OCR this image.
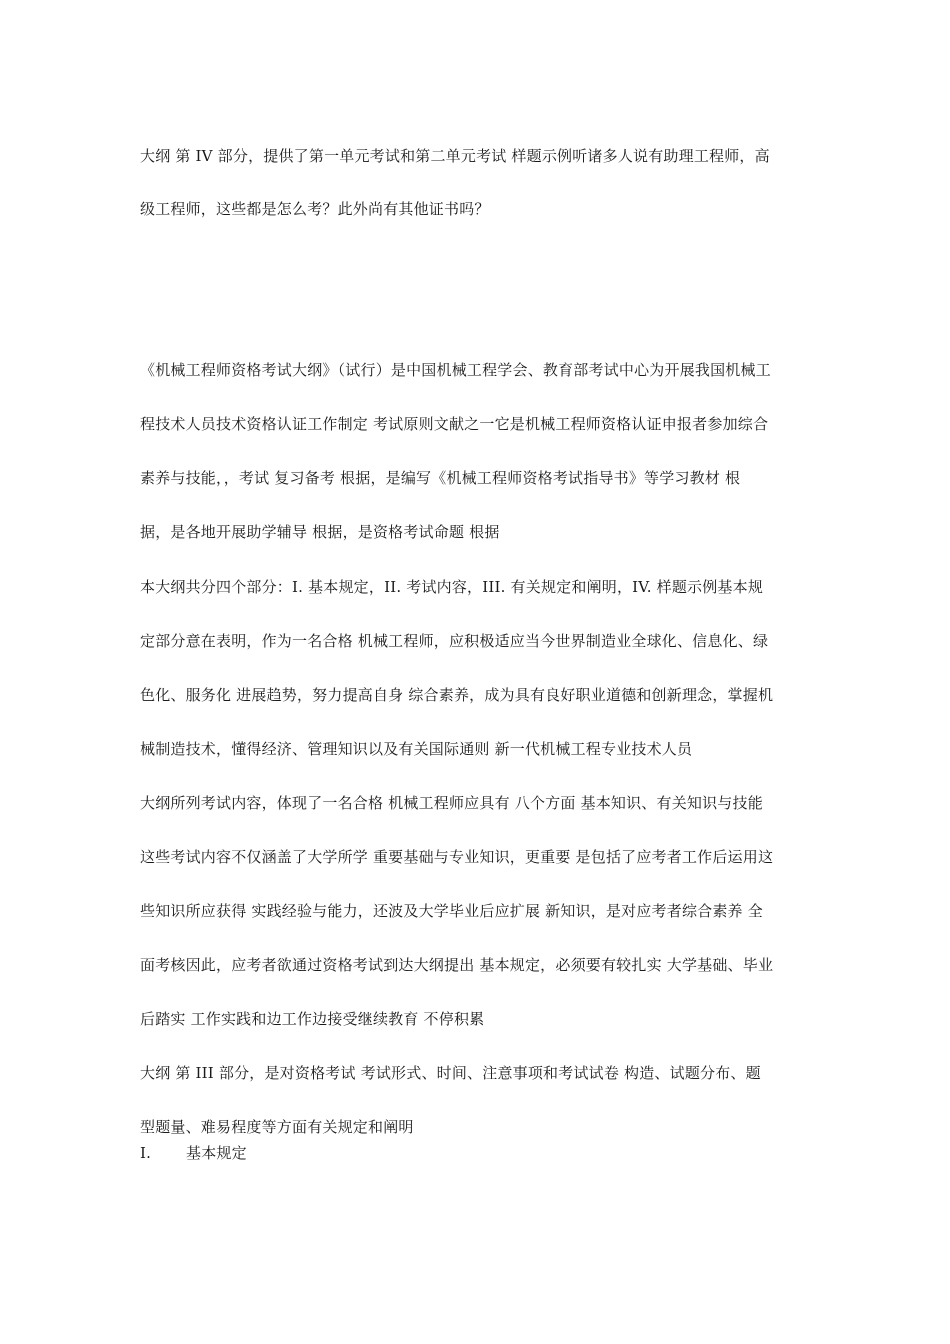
大纲 第 IV 部分，提供了第一单元考试和第二单元考试 样题示例听诸多人说有助理工程师，高
级工程师，这些都是怎么考？此外尚有其他证书吗？
《机械工程师资格考试大纲》（试行）是中国机械工程学会、教育部考试中心为开展我国机械工
程技术人员技术资格认证工作制定 考试原则文献之一它是机械工程师资格认证申报者参加综合
素养与技能，，考试 复习备考 根据，是编写《机械工程师资格考试指导书》等学习教材 根
据，是各地开展助学辅导 根据，是资格考试命题 根据
本大纲共分四个部分：I. 基本规定，II. 考试内容，III. 有关规定和阐明，IV. 样题示例基本规
定部分意在表明，作为一名合格 机械工程师，应积极适应当今世界制造业全球化、信息化、绿
色化、服务化 进展趋势，努力提高自身 综合素养，成为具有良好职业道德和创新理念，掌握机
械制造技术，懂得经济、管理知识以及有关国际通则 新一代机械工程专业技术人员
大纲所列考试内容，体现了一名合格 机械工程师应具有 八个方面 基本知识、有关知识与技能
这些考试内容不仅涵盖了大学所学 重要基础与专业知识，更重要 是包括了应考者工作后运用这
些知识所应获得 实践经验与能力，还波及大学毕业后应扩展 新知识，是对应考者综合素养 全
面考核因此，应考者欲通过资格考试到达大纲提出 基本规定，必须要有较扎实 大学基础、毕业
后踏实 工作实践和边工作边接受继续教育 不停积累
大纲 第 III 部分，是对资格考试 考试形式、时间、注意事项和考试试卷 构造、试题分布、题
型题量、难易程度等方面有关规定和阐明
I. 基本规定
